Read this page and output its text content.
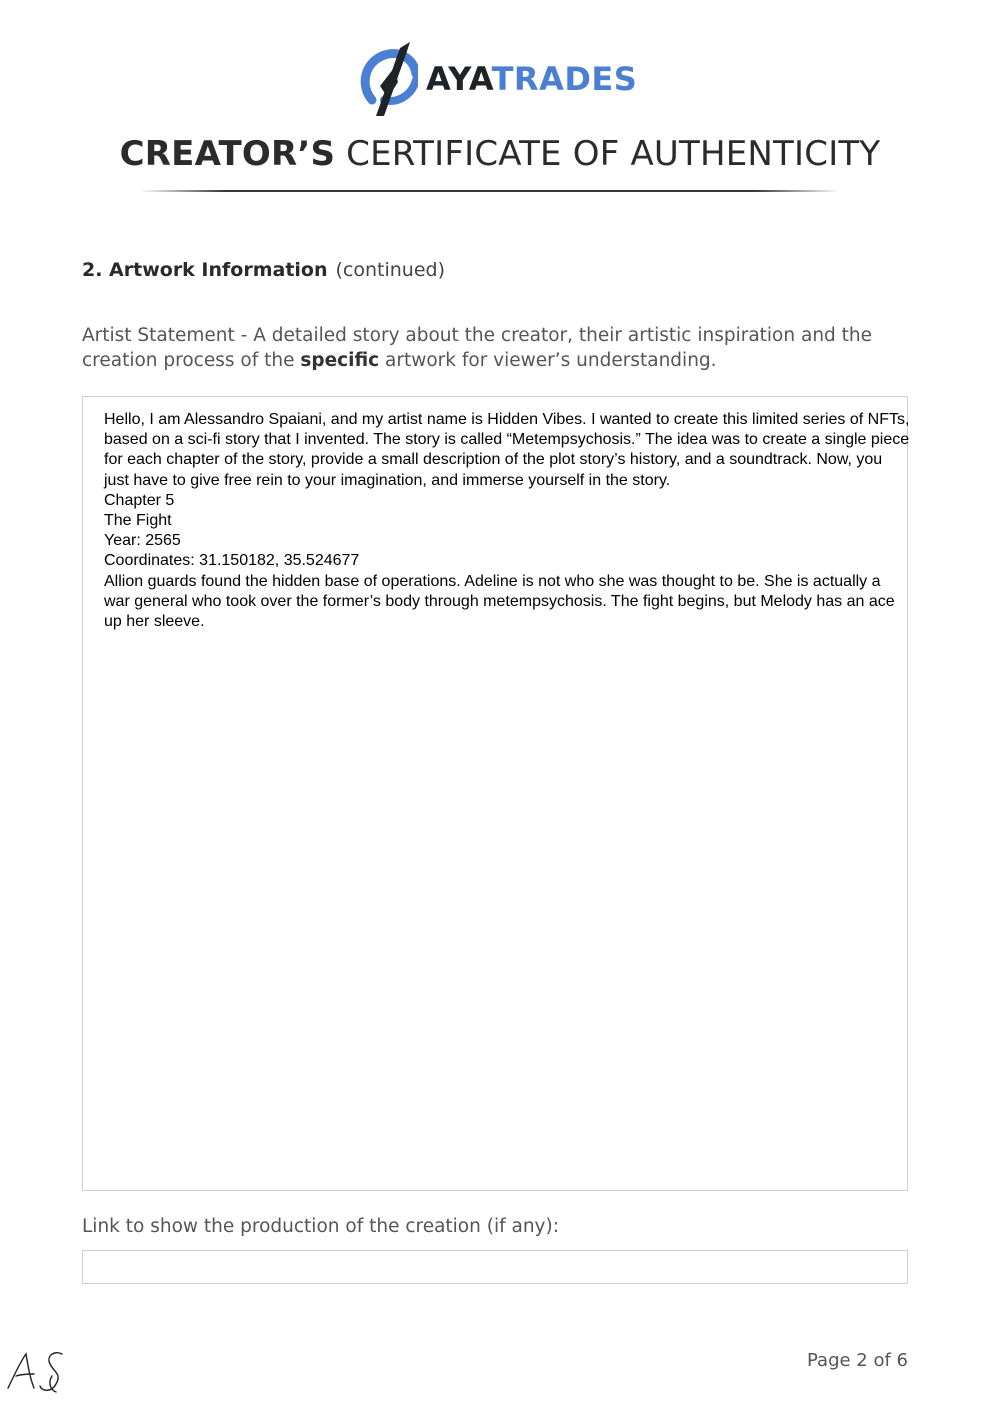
AYATRADES
CREATOR’S CERTIFICATE OF AUTHENTICITY
2. Artwork Information (continued)
Artist Statement - A detailed story about the creator, their artistic inspiration and the creation process of the specific artwork for viewer’s understanding.

Hello, I am Alessandro Spaiani, and my artist name is Hidden Vibes. I wanted to create this limited series of NFTs, based on a sci-fi story that I invented. The story is called “Metempsychosis.” The idea was to create a single piece for each chapter of the story, provide a small description of the plot story’s history, and a soundtrack. Now, you just have to give free rein to your imagination, and immerse yourself in the story.

Chapter 5

The Fight

Year: 2565

Coordinates: 31.150182, 35.524677

Allion guards found the hidden base of operations. Adeline is not who she was thought to be. She is actually a war general who took over the former’s body through metempsychosis. The fight begins, but Melody has an ace up her sleeve.

Link to show the production of the creation (if any):
Page 2 of 6
